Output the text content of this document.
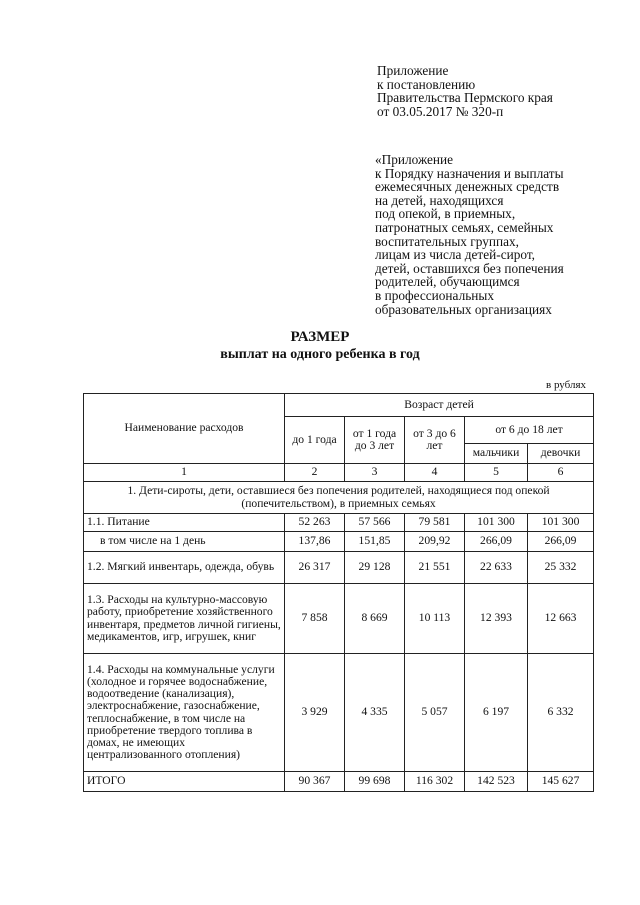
Приложение
к постановлению
Правительства Пермского края
от 03.05.2017 № 320-п
«Приложение
к Порядку назначения и выплаты
ежемесячных денежных средств
на детей, находящихся
под опекой, в приемных,
патронатных семьях, семейных
воспитательных группах,
лицам из числа детей-сирот,
детей, оставшихся без попечения
родителей, обучающимся
в профессиональных
образовательных организациях
РАЗМЕР
выплат на одного ребенка в год
в рублях
Наименование расходов	Возраст детей				
	до 1 года	от 1 года до 3 лет	от 3 до 6 лет	от 6 до 18 лет	
				мальчики	девочки
1	2	3	4	5	6
1. Дети-сироты, дети, оставшиеся без попечения родителей, находящиеся под опекой (попечительством), в приемных семьях					
1.1. Питание	52 263	57 566	79 581	101 300	101 300
в том числе на 1 день	137,86	151,85	209,92	266,09	266,09
1.2. Мягкий инвентарь, одежда, обувь	26 317	29 128	21 551	22 633	25 332
1.3. Расходы на культурно-массовую работу, приобретение хозяйственного инвентаря, предметов личной гигиены, медикаментов, игр, игрушек, книг	7 858	8 669	10 113	12 393	12 663
1.4. Расходы на коммунальные услуги (холодное и горячее водоснабжение, водоотведение (канализация), электроснабжение, газоснабжение, теплоснабжение, в том числе на приобретение твердого топлива в домах, не имеющих централизованного отопления)	3 929	4 335	5 057	6 197	6 332
ИТОГО	90 367	99 698	116 302	142 523	145 627
